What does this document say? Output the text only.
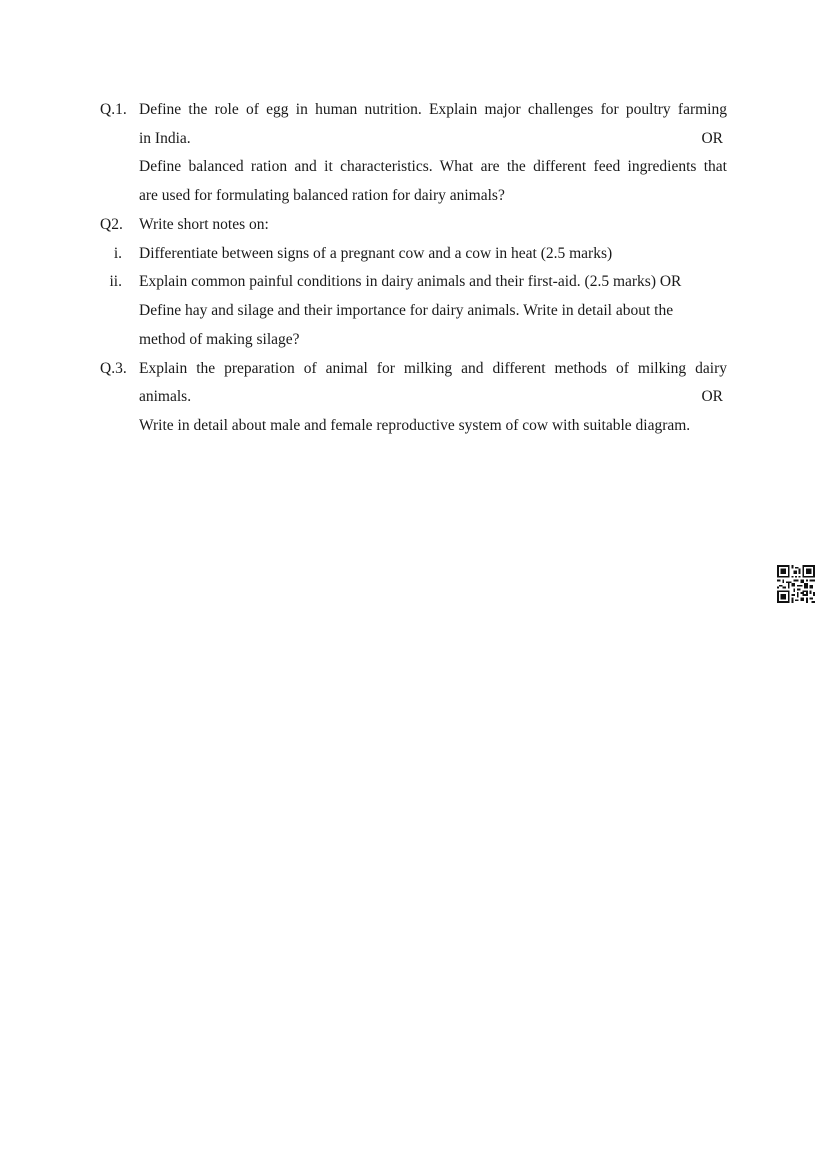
Q.1. Define the role of egg in human nutrition. Explain major challenges for poultry farming
in India.	OR
Define balanced ration and it characteristics. What are the different feed ingredients that
are used for formulating balanced ration for dairy animals?
Q2. Write short notes on:
i. Differentiate between signs of a pregnant cow and a cow in heat (2.5 marks)
ii. Explain common painful conditions in dairy animals and their first-aid. (2.5 marks) OR
Define hay and silage and their importance for dairy animals. Write in detail about the
method of making silage?
Q.3. Explain the preparation of animal for milking and different methods of milking dairy
animals.	OR
Write in detail about male and female reproductive system of cow with suitable diagram.
